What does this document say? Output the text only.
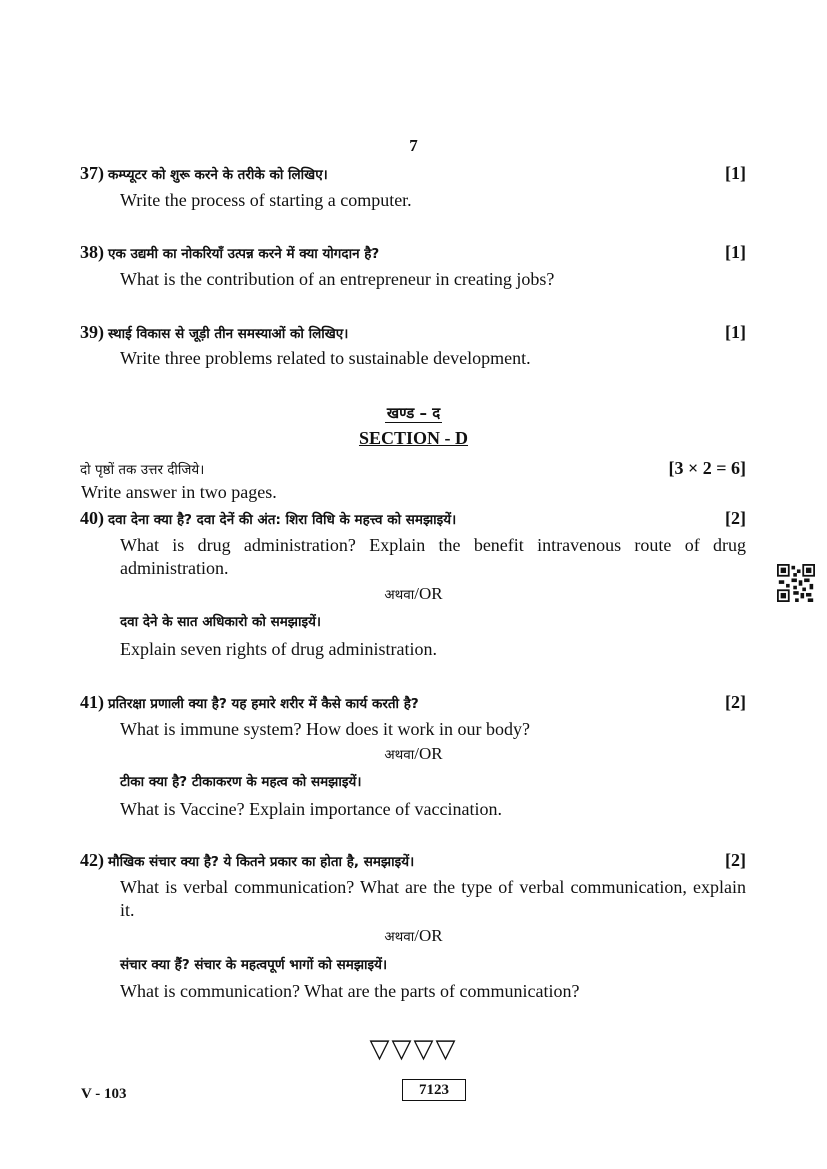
7
37) कम्प्यूटर को शुरू करने के तरीके को लिखिए।	[1]
Write the process of starting a computer.
38) एक उद्यमी का नोकरियाँ उत्पन्न करने में क्या योगदान है?	[1]
What is the contribution of an entrepreneur in creating jobs?
39) स्थाई विकास से जूड़ी तीन समस्याओं को लिखिए।	[1]
Write three problems related to sustainable development.
खण्ड – द
SECTION - D
दो पृष्ठों तक उत्तर दीजिये।	[3 × 2 = 6]
Write answer in two pages.
40) दवा देना क्या है? दवा देनें की अंत: शिरा विधि के महत्त्व को समझाइयें।	[2]
What is drug administration? Explain the benefit intravenous route of drug administration.
अथवा/OR
दवा देने के सात अधिकारो को समझाइयें।
Explain seven rights of drug administration.
41) प्रतिरक्षा प्रणाली क्या है? यह हमारे शरीर में कैसे कार्य करती है?	[2]
What is immune system? How does it work in our body?
अथवा/OR
टीका क्या है? टीकाकरण के महत्व को समझाइयें।
What is Vaccine? Explain importance of vaccination.
42) मौखिक संचार क्या है? ये कितने प्रकार का होता है, समझाइयें।	[2]
What is verbal communication? What are the type of verbal communication, explain it.
अथवा/OR
संचार क्या हैं? संचार के महत्वपूर्ण भागों को समझाइयें।
What is communication? What are the parts of communication?
▽▽▽▽
V - 103	7123
